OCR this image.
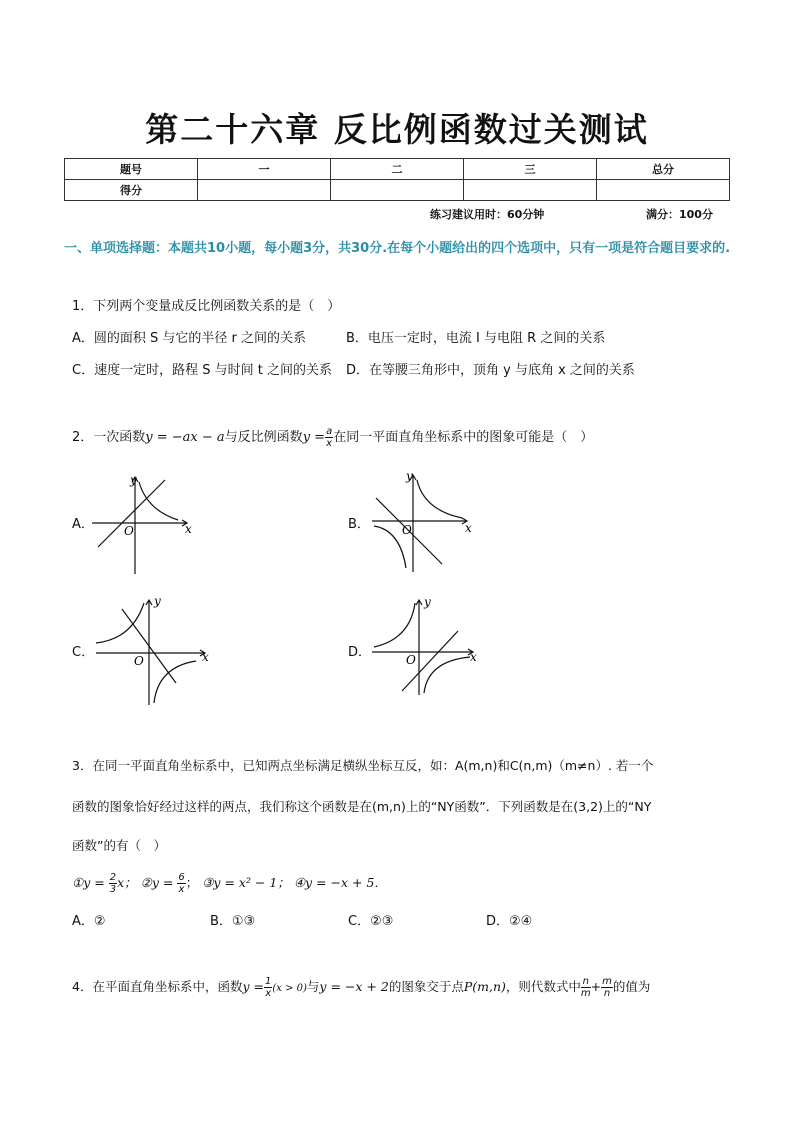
第二十六章 反比例函数过关测试
题号	一	二	三	总分
得分				
练习建议用时：60分钟	满分：100分
一、单项选择题：本题共10小题，每小题3分，共30分.在每个小题给出的四个选项中，只有一项是符合题目要求的.
1．下列两个变量成反比例函数关系的是（　）
A．圆的面积 S 与它的半径 r 之间的关系	B．电压一定时，电流 I 与电阻 R 之间的关系
C．速度一定时，路程 S 与时间 t 之间的关系 D．在等腰三角形中，顶角 y 与底角 x 之间的关系
2．一次函数y = −ax − a与反比例函数$y = \frac{a}{x}$ 在同一平面直角坐标系中的图象可能是（　）
A．	B．
C．	D．
x
y
O	x
y
O
x
y
O	x
y
O
3．在同一平面直角坐标系中，已知两点坐标满足横纵坐标互反，如：A(m,n)和C(n,m)（m≠n）. 若一个
函数的图象恰好经过这样的两点，我们称这个函数是在(m,n)上的“NY函数”．下列函数是在(3,2)上的“NY
函数”的有（　）
①y = $\frac{2}{3}$ x； ②y = $\frac{6}{x}$ ； ③y = x² − 1； ④y = −x + 5．
A．②	B．①③	C．②③	D．②④
4．在平面直角坐标系中，函数$y = \frac{1}{x} (x > 0)$与y = −x + 2的图象交于点P(m,n)，则代数式中 $\frac{n}{m} + \frac{m}{n}$ 的值为
